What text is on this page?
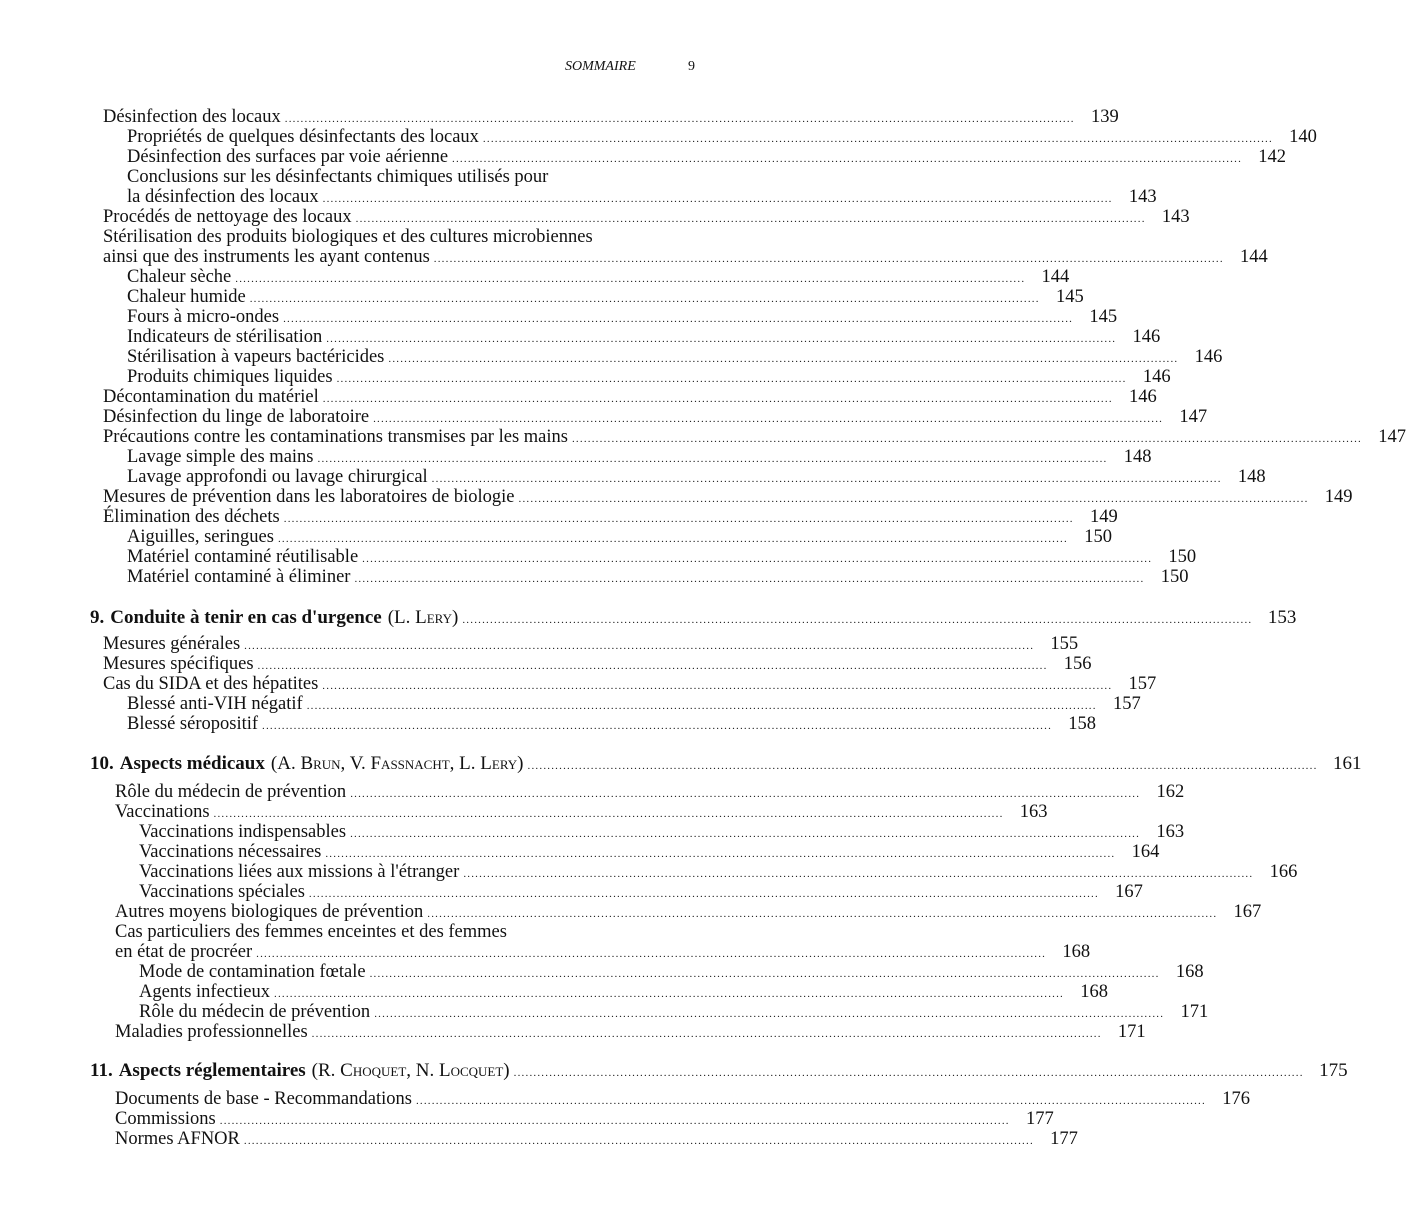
SOMMAIRE	9
Désinfection des locaux ........................................................................................................................................................................................................ 139
Propriétés de quelques désinfectants des locaux ........................................................................................................................................................................................................ 140
Désinfection des surfaces par voie aérienne ........................................................................................................................................................................................................ 142
Conclusions sur les désinfectants chimiques utilisés pour
la désinfection des locaux ........................................................................................................................................................................................................ 143
Procédés de nettoyage des locaux ........................................................................................................................................................................................................ 143
Stérilisation des produits biologiques et des cultures microbiennes
ainsi que des instruments les ayant contenus ........................................................................................................................................................................................................ 144
Chaleur sèche ........................................................................................................................................................................................................ 144
Chaleur humide ........................................................................................................................................................................................................ 145
Fours à micro-ondes ........................................................................................................................................................................................................ 145
Indicateurs de stérilisation ........................................................................................................................................................................................................ 146
Stérilisation à vapeurs bactéricides ........................................................................................................................................................................................................ 146
Produits chimiques liquides ........................................................................................................................................................................................................ 146
Décontamination du matériel ........................................................................................................................................................................................................ 146
Désinfection du linge de laboratoire ........................................................................................................................................................................................................ 147
Précautions contre les contaminations transmises par les mains ........................................................................................................................................................................................................ 147
Lavage simple des mains ........................................................................................................................................................................................................ 148
Lavage approfondi ou lavage chirurgical ........................................................................................................................................................................................................ 148
Mesures de prévention dans les laboratoires de biologie ........................................................................................................................................................................................................ 149
Élimination des déchets ........................................................................................................................................................................................................ 149
Aiguilles, seringues ........................................................................................................................................................................................................ 150
Matériel contaminé réutilisable ........................................................................................................................................................................................................ 150
Matériel contaminé à éliminer ........................................................................................................................................................................................................ 150
9. Conduite à tenir en cas d'urgence (L. Lery) ........................................................................................................................................................................................................ 153
Mesures générales ........................................................................................................................................................................................................ 155
Mesures spécifiques ........................................................................................................................................................................................................ 156
Cas du SIDA et des hépatites ........................................................................................................................................................................................................ 157
Blessé anti-VIH négatif ........................................................................................................................................................................................................ 157
Blessé séropositif ........................................................................................................................................................................................................ 158
10. Aspects médicaux (A. Brun, V. Fassnacht, L. Lery) ........................................................................................................................................................................................................ 161
Rôle du médecin de prévention ........................................................................................................................................................................................................ 162
Vaccinations ........................................................................................................................................................................................................ 163
Vaccinations indispensables ........................................................................................................................................................................................................ 163
Vaccinations nécessaires ........................................................................................................................................................................................................ 164
Vaccinations liées aux missions à l'étranger ........................................................................................................................................................................................................ 166
Vaccinations spéciales ........................................................................................................................................................................................................ 167
Autres moyens biologiques de prévention ........................................................................................................................................................................................................ 167
Cas particuliers des femmes enceintes et des femmes
en état de procréer ........................................................................................................................................................................................................ 168
Mode de contamination fœtale ........................................................................................................................................................................................................ 168
Agents infectieux ........................................................................................................................................................................................................ 168
Rôle du médecin de prévention ........................................................................................................................................................................................................ 171
Maladies professionnelles ........................................................................................................................................................................................................ 171
11. Aspects réglementaires (R. Choquet, N. Locquet) ........................................................................................................................................................................................................ 175
Documents de base - Recommandations ........................................................................................................................................................................................................ 176
Commissions ........................................................................................................................................................................................................ 177
Normes AFNOR ........................................................................................................................................................................................................ 177
